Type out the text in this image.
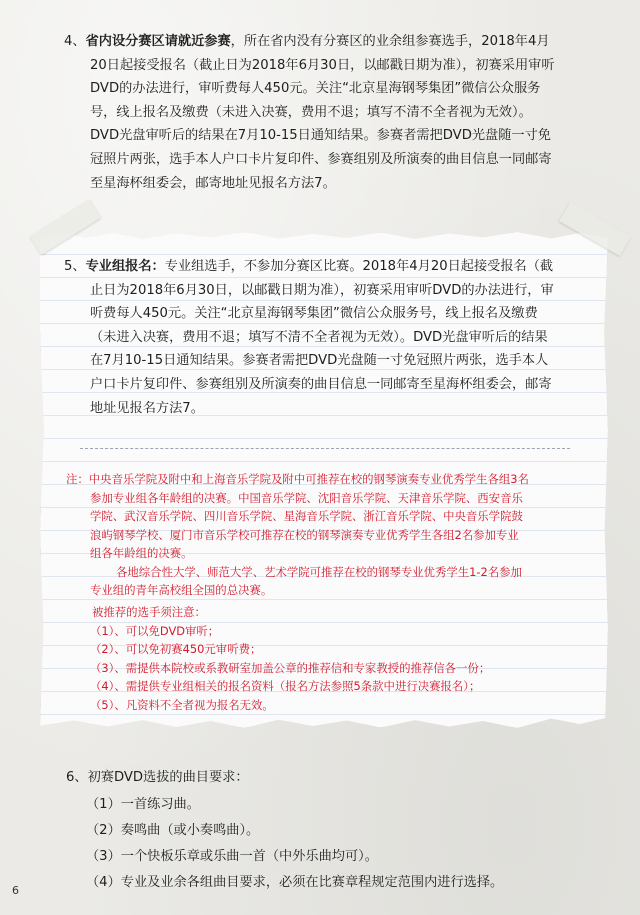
4、省内设分赛区请就近参赛，所在省内没有分赛区的业余组参赛选手，2018年4月
20日起接受报名（截止日为2018年6月30日，以邮戳日期为准），初赛采用审听
DVD的办法进行，审听费每人450元。关注“北京星海钢琴集团”微信公众服务
号，线上报名及缴费（未进入决赛，费用不退；填写不清不全者视为无效）。
DVD光盘审听后的结果在7月10-15日通知结果。参赛者需把DVD光盘随一寸免
冠照片两张，选手本人户口卡片复印件、参赛组别及所演奏的曲目信息一同邮寄
至星海杯组委会，邮寄地址见报名方法7。
5、专业组报名：专业组选手，不参加分赛区比赛。2018年4月20日起接受报名（截
止日为2018年6月30日，以邮戳日期为准），初赛采用审听DVD的办法进行，审
听费每人450元。关注“北京星海钢琴集团”微信公众服务号，线上报名及缴费
（未进入决赛，费用不退；填写不清不全者视为无效）。DVD光盘审听后的结果
在7月10-15日通知结果。参赛者需把DVD光盘随一寸免冠照片两张，选手本人
户口卡片复印件、参赛组别及所演奏的曲目信息一同邮寄至星海杯组委会，邮寄
地址见报名方法7。
注：中央音乐学院及附中和上海音乐学院及附中可推荐在校的钢琴演奏专业优秀学生各组3名
参加专业组各年龄组的决赛。中国音乐学院、沈阳音乐学院、天津音乐学院、西安音乐
学院、武汉音乐学院、四川音乐学院、星海音乐学院、浙江音乐学院、中央音乐学院鼓
浪屿钢琴学校、厦门市音乐学校可推荐在校的钢琴演奏专业优秀学生各组2名参加专业
组各年龄组的决赛。
各地综合性大学、师范大学、艺术学院可推荐在校的钢琴专业优秀学生1-2名参加
专业组的青年高校组全国的总决赛。
被推荐的选手须注意：
（1）、可以免DVD审听；
（2）、可以免初赛450元审听费；
（3）、需提供本院校或系教研室加盖公章的推荐信和专家教授的推荐信各一份；
（4）、需提供专业组相关的报名资料（报名方法参照5条款中进行决赛报名）；
（5）、凡资料不全者视为报名无效。
6、初赛DVD选拔的曲目要求：
（1）一首练习曲。
（2）奏鸣曲（或小奏鸣曲）。
（3）一个快板乐章或乐曲一首（中外乐曲均可）。
（4）专业及业余各组曲目要求，必须在比赛章程规定范围内进行选择。
6
